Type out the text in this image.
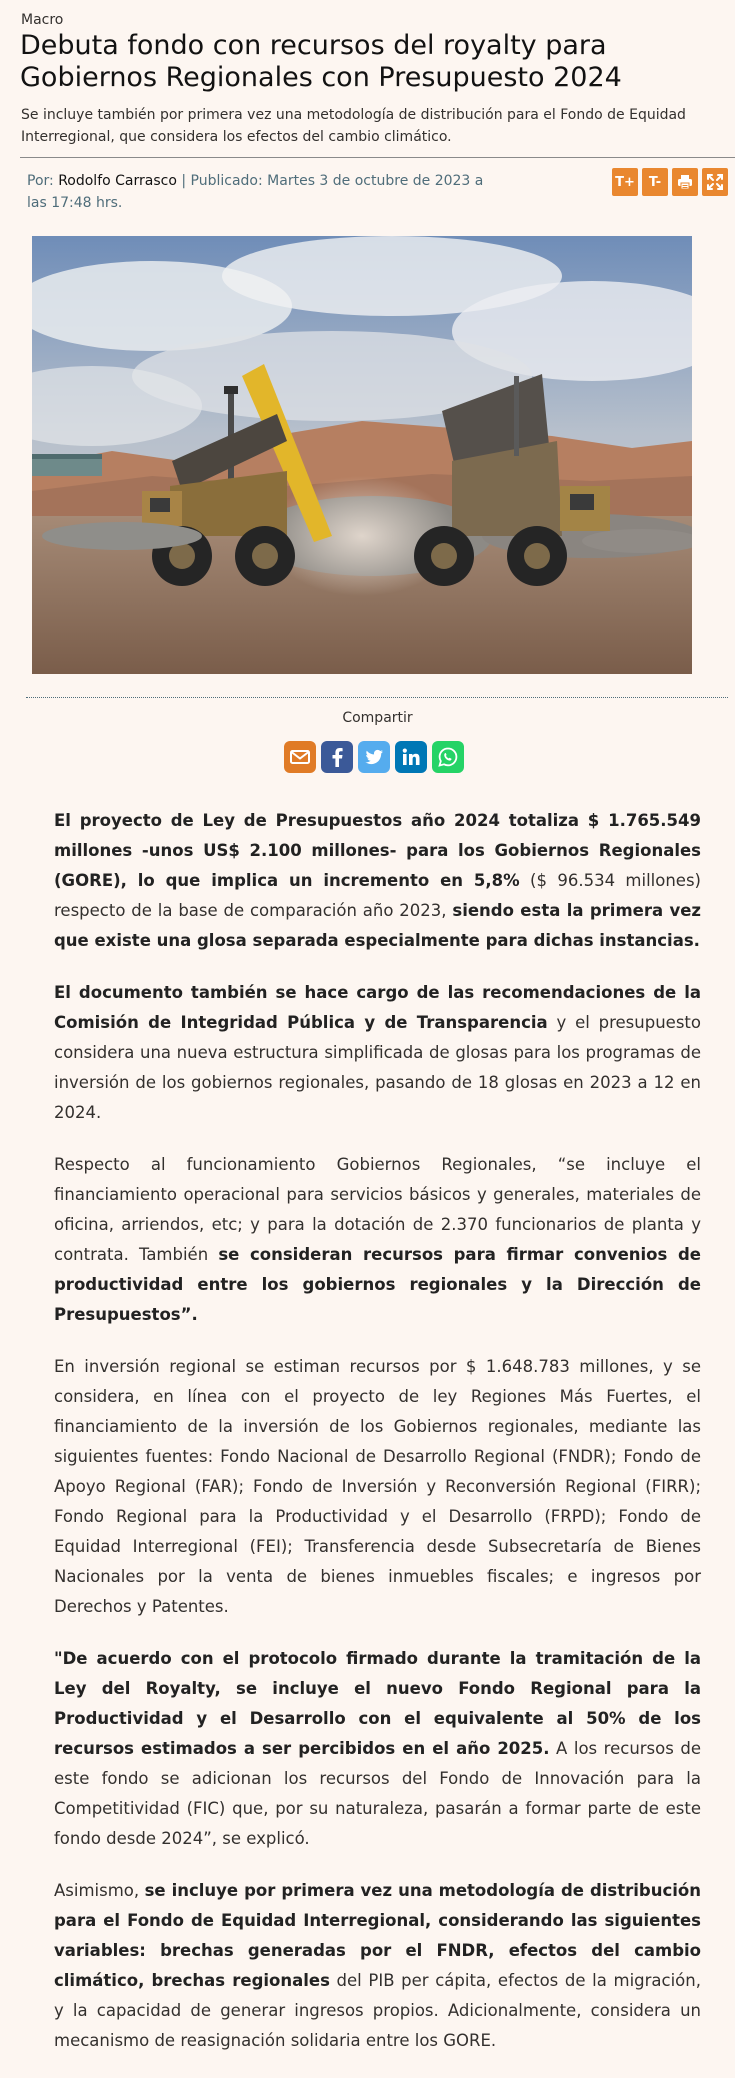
Macro
Debuta fondo con recursos del royalty para Gobiernos Regionales con Presupuesto 2024

Se incluye también por primera vez una metodología de distribución para el Fondo de Equidad Interregional, que considera los efectos del cambio climático.

Por: Rodolfo Carrasco | Publicado: Martes 3 de octubre de 2023 a las 17:48 hrs.
T+ T-
Compartir

El proyecto de Ley de Presupuestos año 2024 totaliza $ 1.765.549 millones -unos US$ 2.100 millones- para los Gobiernos Regionales (GORE), lo que implica un incremento en 5,8% ($ 96.534 millones) respecto de la base de comparación año 2023, siendo esta la primera vez que existe una glosa separada especialmente para dichas instancias.

El documento también se hace cargo de las recomendaciones de la Comisión de Integridad Pública y de Transparencia y el presupuesto considera una nueva estructura simplificada de glosas para los programas de inversión de los gobiernos regionales, pasando de 18 glosas en 2023 a 12 en 2024.

Respecto al funcionamiento Gobiernos Regionales, “se incluye el financiamiento operacional para servicios básicos y generales, materiales de oficina, arriendos, etc; y para la dotación de 2.370 funcionarios de planta y contrata. También se consideran recursos para firmar convenios de productividad entre los gobiernos regionales y la Dirección de Presupuestos”.

En inversión regional se estiman recursos por $ 1.648.783 millones, y se considera, en línea con el proyecto de ley Regiones Más Fuertes, el financiamiento de la inversión de los Gobiernos regionales, mediante las siguientes fuentes: Fondo Nacional de Desarrollo Regional (FNDR); Fondo de Apoyo Regional (FAR); Fondo de Inversión y Reconversión Regional (FIRR); Fondo Regional para la Productividad y el Desarrollo (FRPD); Fondo de Equidad Interregional (FEI); Transferencia desde Subsecretaría de Bienes Nacionales por la venta de bienes inmuebles fiscales; e ingresos por Derechos y Patentes.

"De acuerdo con el protocolo firmado durante la tramitación de la Ley del Royalty, se incluye el nuevo Fondo Regional para la Productividad y el Desarrollo con el equivalente al 50% de los recursos estimados a ser percibidos en el año 2025. A los recursos de este fondo se adicionan los recursos del Fondo de Innovación para la Competitividad (FIC) que, por su naturaleza, pasarán a formar parte de este fondo desde 2024”, se explicó.

Asimismo, se incluye por primera vez una metodología de distribución para el Fondo de Equidad Interregional, considerando las siguientes variables: brechas generadas por el FNDR, efectos del cambio climático, brechas regionales del PIB per cápita, efectos de la migración, y la capacidad de generar ingresos propios. Adicionalmente, considera un mecanismo de reasignación solidaria entre los GORE.
